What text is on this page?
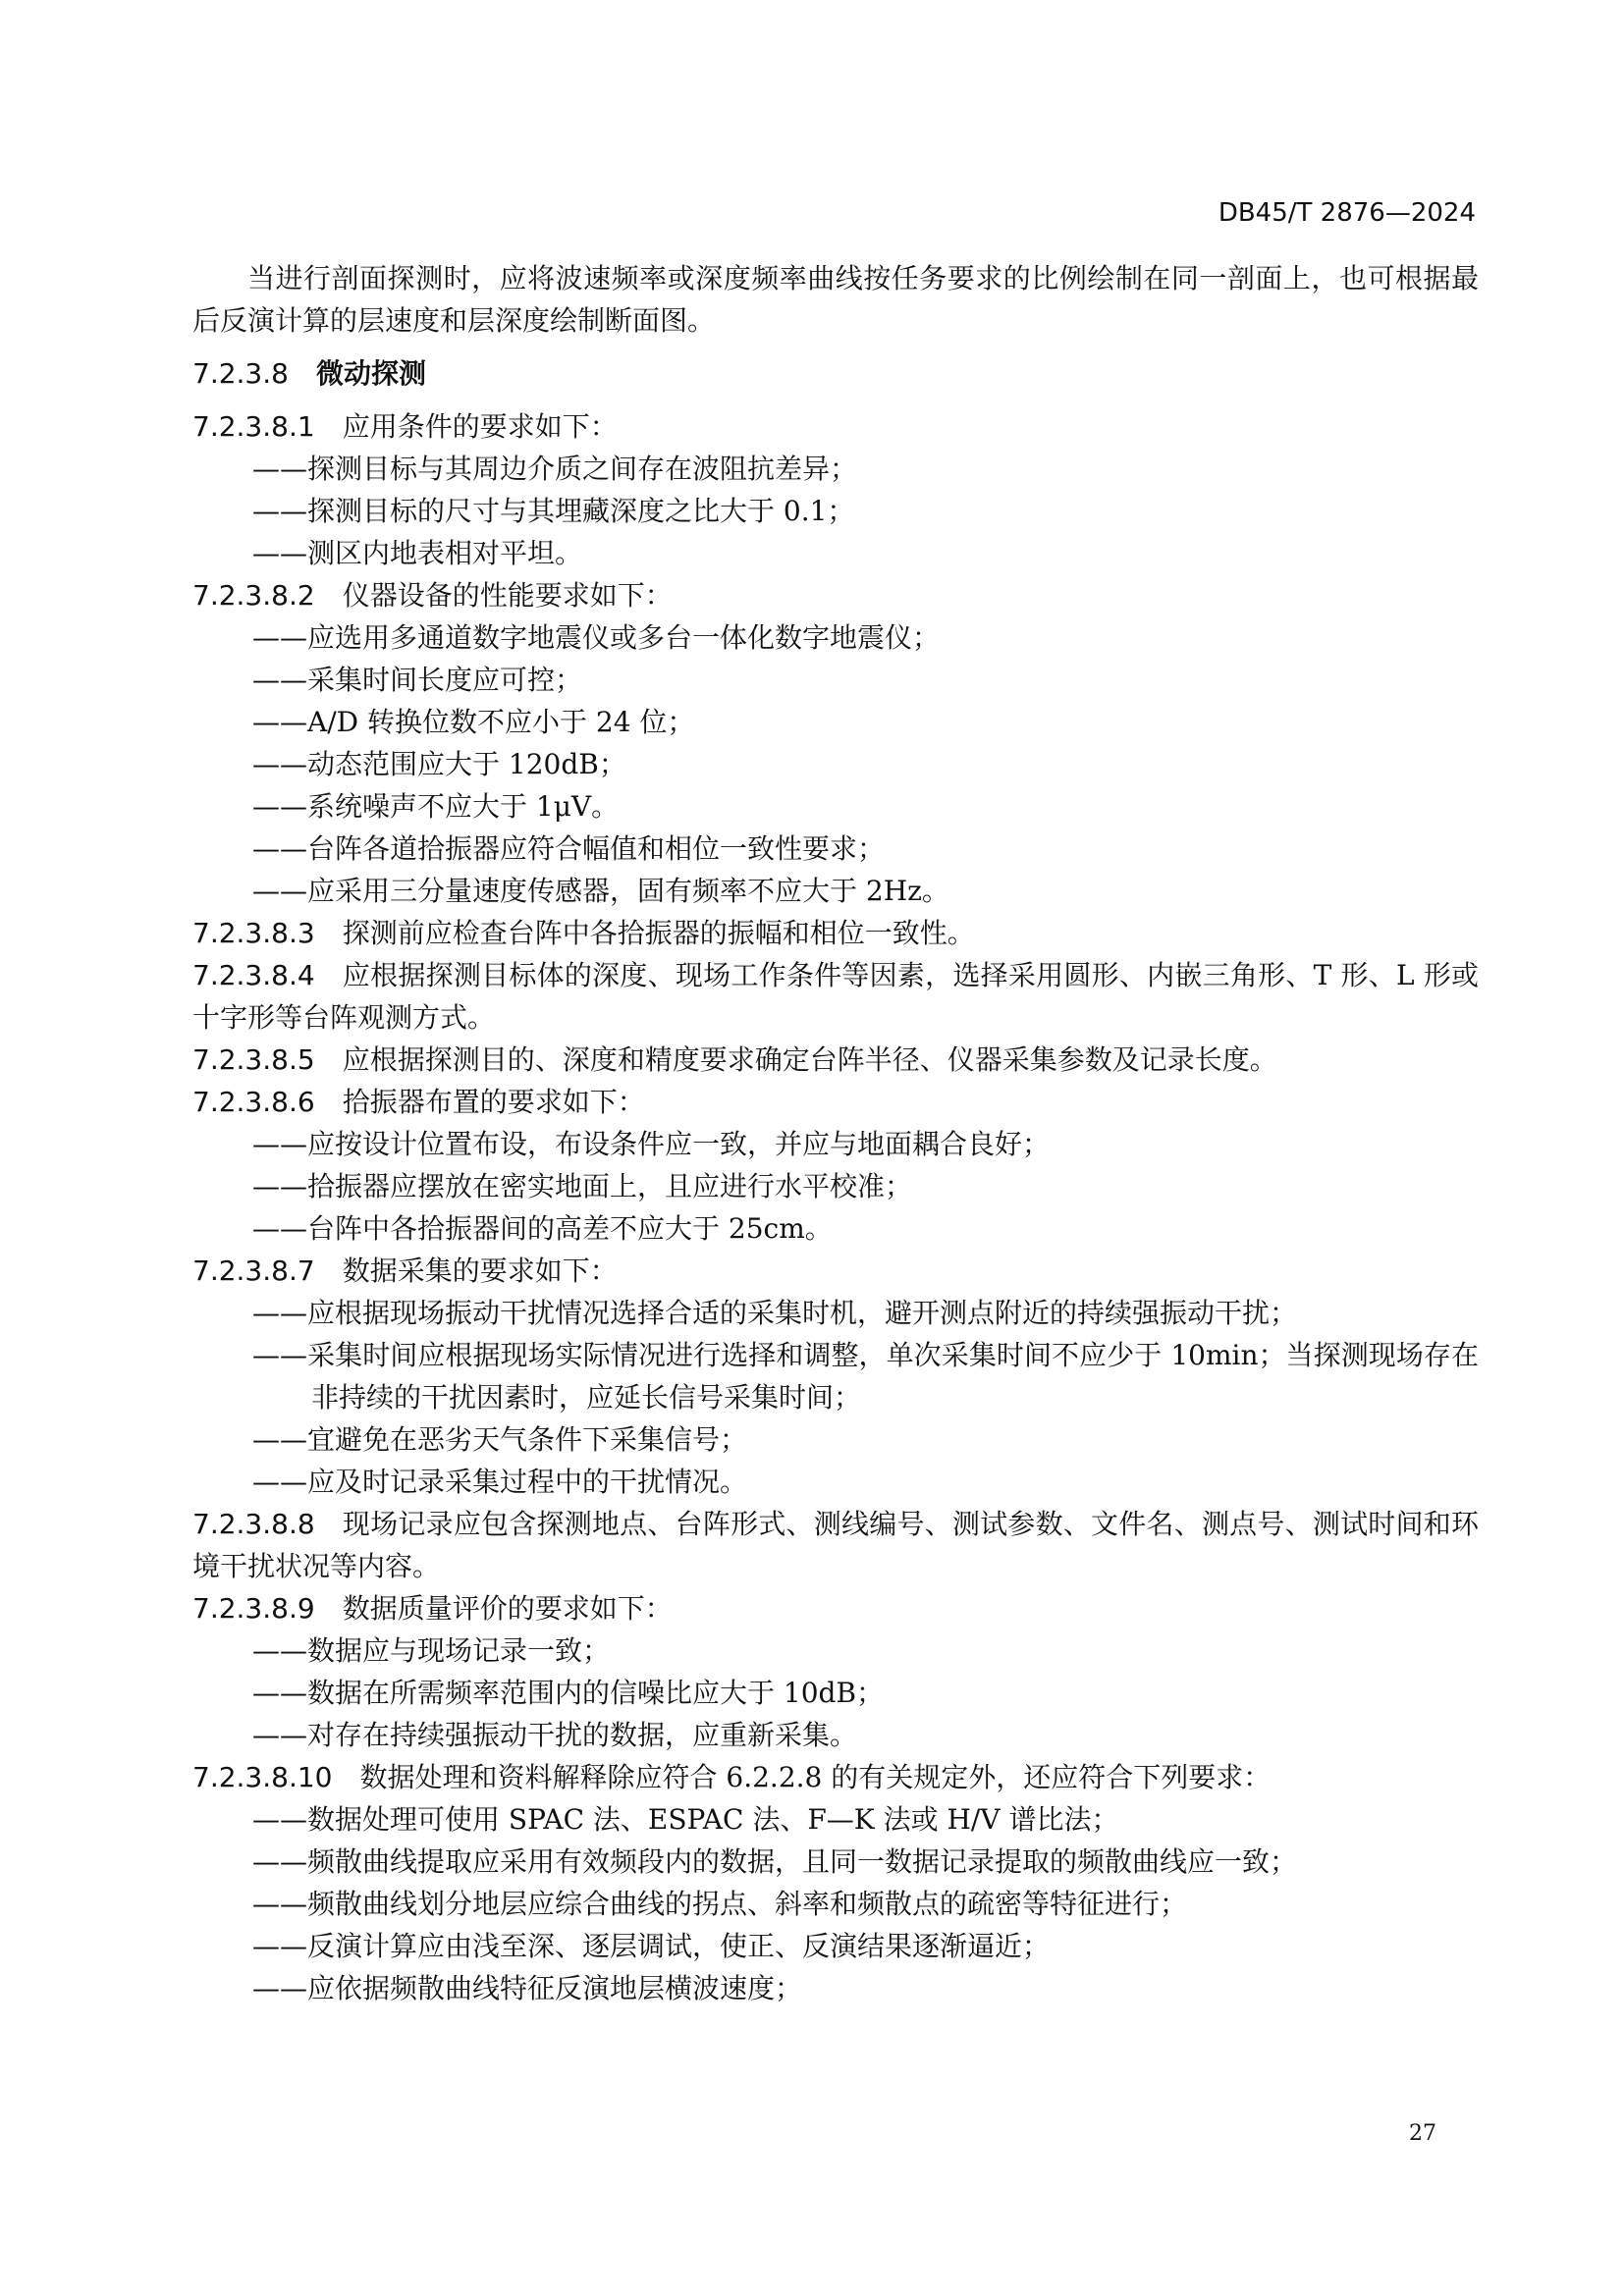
DB45/T 2876—2024

当进行剖面探测时，应将波速频率或深度频率曲线按任务要求的比例绘制在同一剖面上，也可根据最后反演计算的层速度和层深度绘制断面图。

7.2.3.8 微动探测

7.2.3.8.1 应用条件的要求如下：

——探测目标与其周边介质之间存在波阻抗差异；

——探测目标的尺寸与其埋藏深度之比大于 0.1；

——测区内地表相对平坦。

7.2.3.8.2 仪器设备的性能要求如下：

——应选用多通道数字地震仪或多台一体化数字地震仪；

——采集时间长度应可控；

——A/D 转换位数不应小于 24 位；

——动态范围应大于 120dB；

——系统噪声不应大于 1μV。

——台阵各道拾振器应符合幅值和相位一致性要求；

——应采用三分量速度传感器，固有频率不应大于 2Hz。

7.2.3.8.3 探测前应检查台阵中各拾振器的振幅和相位一致性。

7.2.3.8.4 应根据探测目标体的深度、现场工作条件等因素，选择采用圆形、内嵌三角形、T 形、L 形或十字形等台阵观测方式。

7.2.3.8.5 应根据探测目的、深度和精度要求确定台阵半径、仪器采集参数及记录长度。

7.2.3.8.6 拾振器布置的要求如下：

——应按设计位置布设，布设条件应一致，并应与地面耦合良好；

——拾振器应摆放在密实地面上，且应进行水平校准；

——台阵中各拾振器间的高差不应大于 25cm。

7.2.3.8.7 数据采集的要求如下：

——应根据现场振动干扰情况选择合适的采集时机，避开测点附近的持续强振动干扰；

——采集时间应根据现场实际情况进行选择和调整，单次采集时间不应少于 10min；当探测现场存在非持续的干扰因素时，应延长信号采集时间；

——宜避免在恶劣天气条件下采集信号；

——应及时记录采集过程中的干扰情况。

7.2.3.8.8 现场记录应包含探测地点、台阵形式、测线编号、测试参数、文件名、测点号、测试时间和环境干扰状况等内容。

7.2.3.8.9 数据质量评价的要求如下：

——数据应与现场记录一致；

——数据在所需频率范围内的信噪比应大于 10dB；

——对存在持续强振动干扰的数据，应重新采集。

7.2.3.8.10 数据处理和资料解释除应符合 6.2.2.8 的有关规定外，还应符合下列要求：

——数据处理可使用 SPAC 法、ESPAC 法、F—K 法或 H/V 谱比法；

——频散曲线提取应采用有效频段内的数据，且同一数据记录提取的频散曲线应一致；

——频散曲线划分地层应综合曲线的拐点、斜率和频散点的疏密等特征进行；

——反演计算应由浅至深、逐层调试，使正、反演结果逐渐逼近；

——应依据频散曲线特征反演地层横波速度；

27
